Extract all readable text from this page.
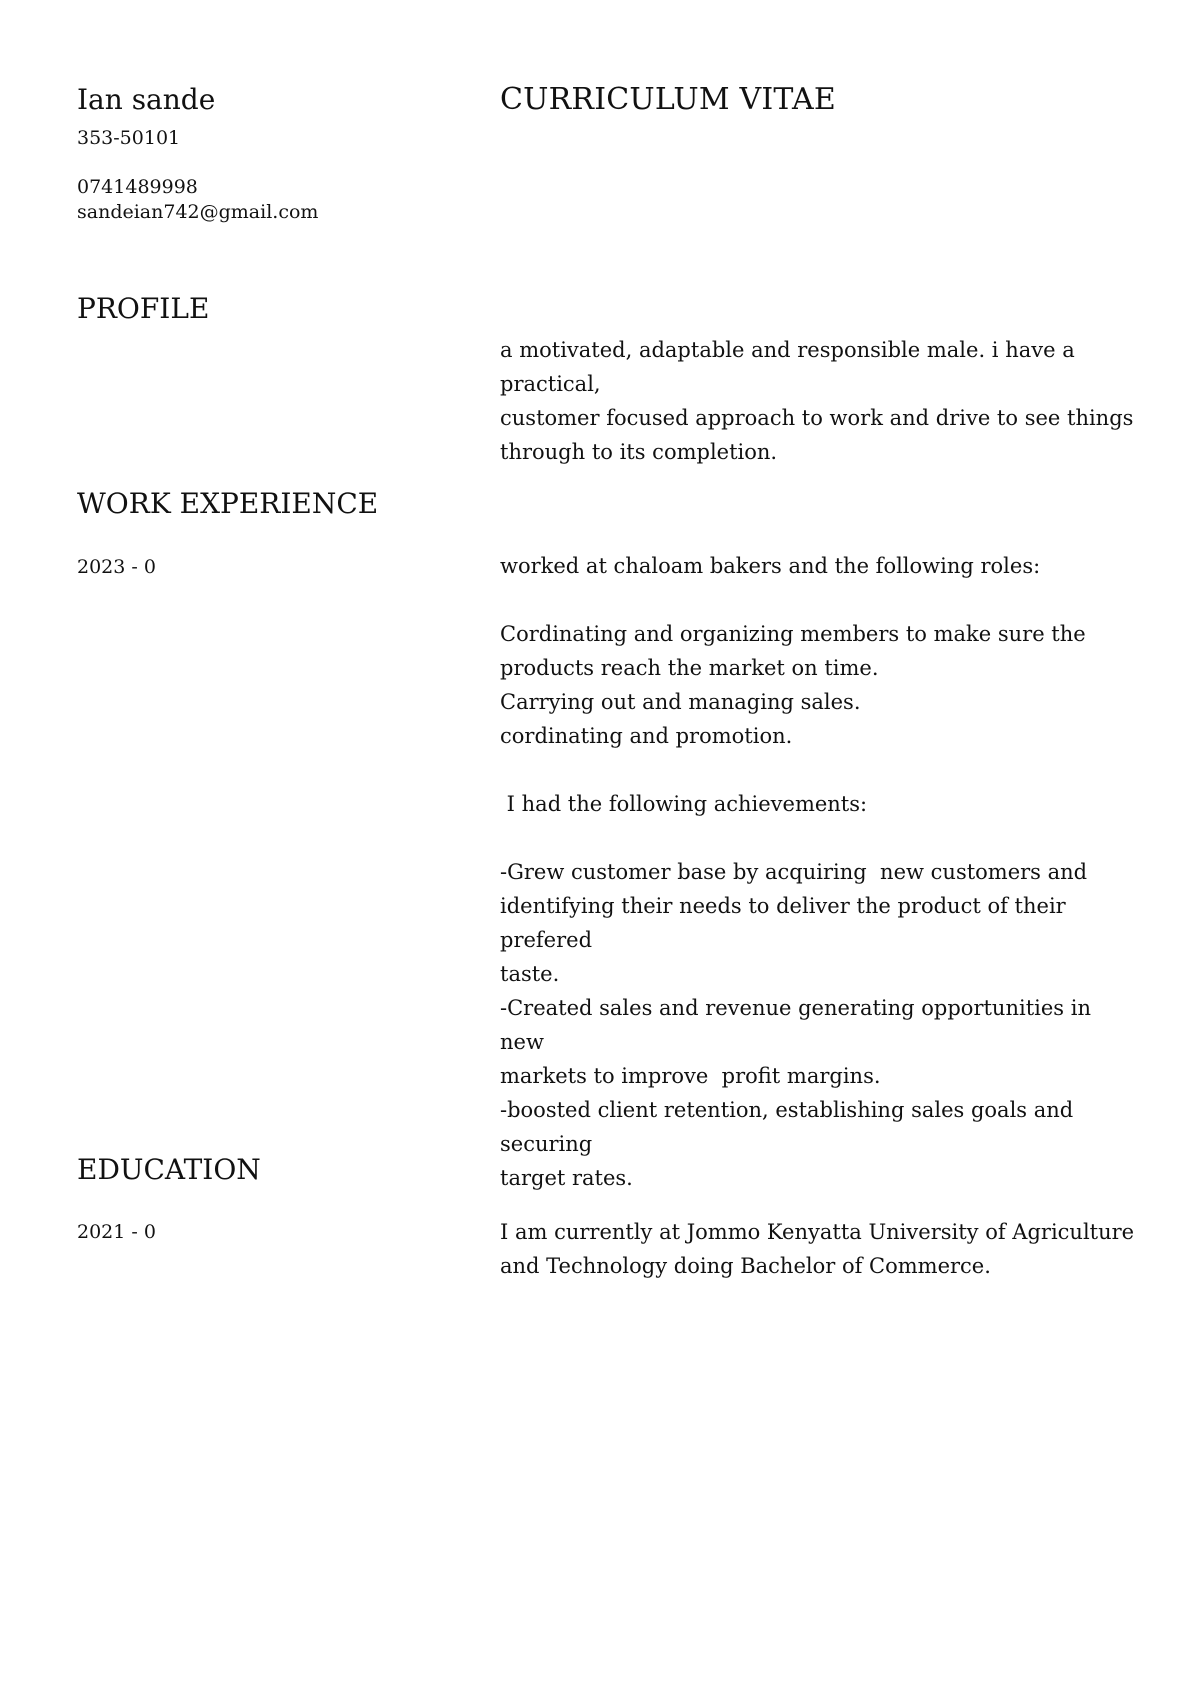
Ian sande	CURRICULUM VITAE
353-50101
0741489998
sandeian742@gmail.com
PROFILE

a motivated, adaptable and responsible male. i have a practical,

customer focused approach to work and drive to see things

through to its completion.

WORK EXPERIENCE
2023 - 0	worked at chaloam bakers and the following roles:

Cordinating and organizing members to make sure the

products reach the market on time.

Carrying out and managing sales.

cordinating and promotion.

I had the following achievements:

-Grew customer base by acquiring  new customers and

identifying their needs to deliver the product of their prefered

taste.

-Created sales and revenue generating opportunities in new

markets to improve  profit margins.

-boosted client retention, establishing sales goals and securing

target rates.

EDUCATION
2021 - 0	I am currently at Jommo Kenyatta University of Agriculture

and Technology doing Bachelor of Commerce.
